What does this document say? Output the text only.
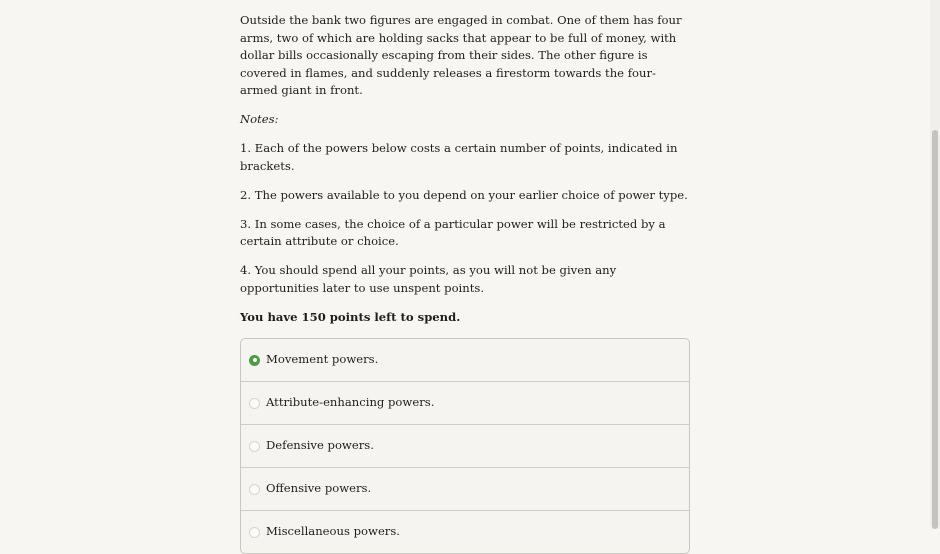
Outside the bank two figures are engaged in combat. One of them has four arms, two of which are holding sacks that appear to be full of money, with dollar bills occasionally escaping from their sides. The other figure is covered in flames, and suddenly releases a firestorm towards the four-armed giant in front.

Notes:

1. Each of the powers below costs a certain number of points, indicated in brackets.

2. The powers available to you depend on your earlier choice of power type.

3. In some cases, the choice of a particular power will be restricted by a certain attribute or choice.

4. You should spend all your points, as you will not be given any opportunities later to use unspent points.

You have 150 points left to spend.

Movement powers.
Attribute-enhancing powers.
Defensive powers.
Offensive powers.
Miscellaneous powers.
